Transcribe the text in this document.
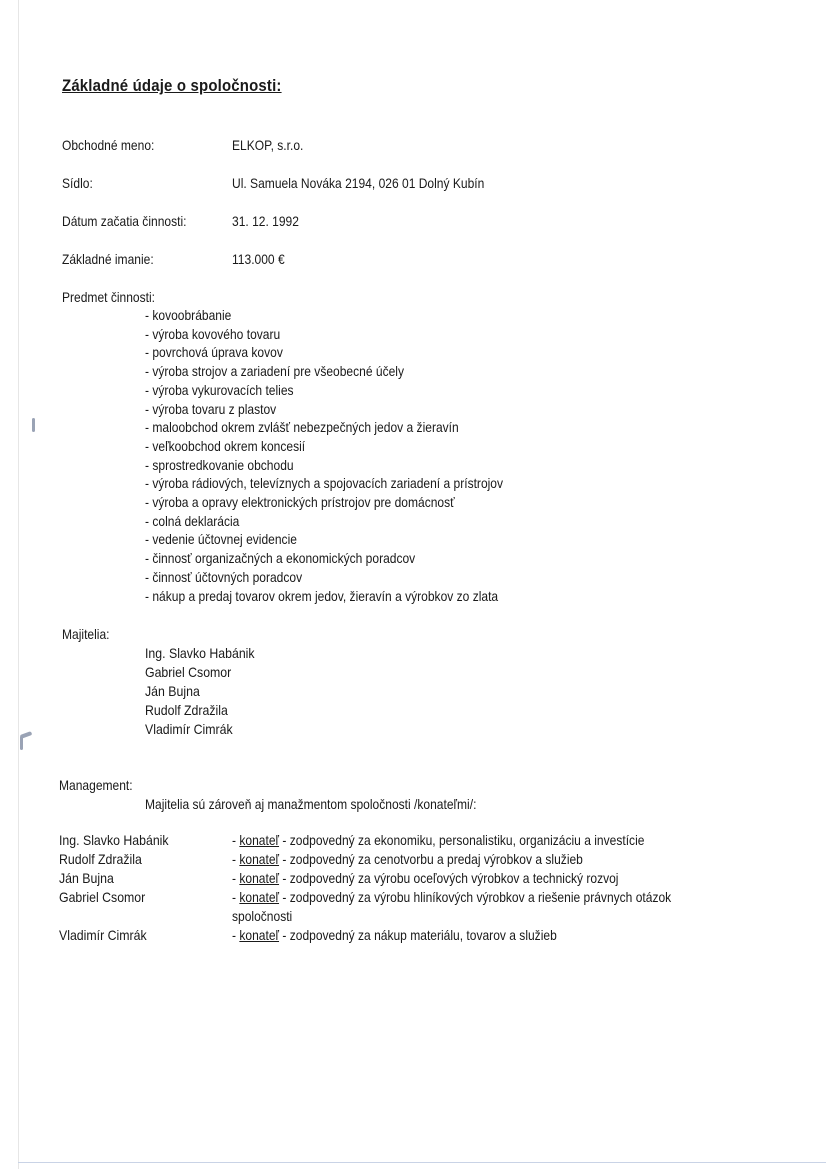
Základné údaje o spoločnosti:
Obchodné meno:	ELKOP, s.r.o.
Sídlo:	Ul. Samuela Nováka 2194, 026 01 Dolný Kubín
Dátum začatia činnosti:	31. 12. 1992
Základné imanie:	113.000 €
Predmet činnosti:
- kovoobrábanie
- výroba kovového tovaru
- povrchová úprava kovov
- výroba strojov a zariadení pre všeobecné účely
- výroba vykurovacích telies
- výroba tovaru z plastov
- maloobchod okrem zvlášť nebezpečných jedov a žieravín
- veľkoobchod okrem koncesií
- sprostredkovanie obchodu
- výroba rádiových, televíznych a spojovacích zariadení a prístrojov
- výroba a opravy elektronických prístrojov pre domácnosť
- colná deklarácia
- vedenie účtovnej evidencie
- činnosť organizačných a ekonomických poradcov
- činnosť účtovných poradcov
- nákup a predaj tovarov okrem jedov, žieravín a výrobkov zo zlata
Majitelia:
Ing. Slavko Habánik
Gabriel Csomor
Ján Bujna
Rudolf Zdražila
Vladimír Cimrák
Management:
Majitelia sú zároveň aj manažmentom spoločnosti /konateľmi/:
Ing. Slavko Habánik	- konateľ - zodpovedný za ekonomiku, personalistiku, organizáciu a investície
Rudolf Zdražila	- konateľ - zodpovedný za cenotvorbu a predaj výrobkov a služieb
Ján Bujna	- konateľ - zodpovedný za výrobu oceľových výrobkov a technický rozvoj
Gabriel Csomor	- konateľ - zodpovedný za výrobu hliníkových výrobkov a riešenie právnych otázok spoločnosti
Vladimír Cimrák	- konateľ - zodpovedný za nákup materiálu, tovarov a služieb
